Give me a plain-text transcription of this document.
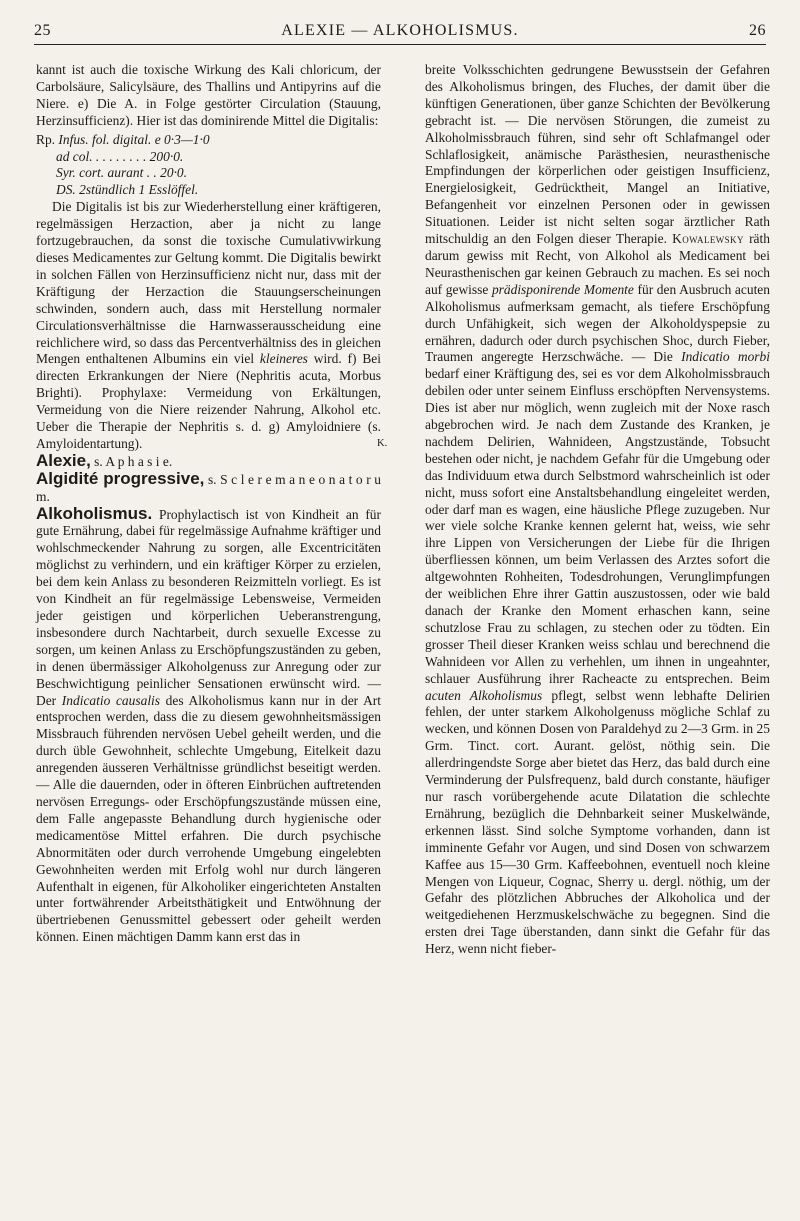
25	ALEXIE — ALKOHOLISMUS.	26

kannt ist auch die toxische Wirkung des Kali chloricum, der Carbolsäure, Salicylsäure, des Thallins und Antipyrins auf die Niere. e) Die A. in Folge gestörter Circulation (Stauung, Herzinsufficienz). Hier ist das dominirende Mittel die Digitalis:

Rp. Infus. fol. digital. e 0·3—1·0
ad col. . . . . . . . . 200·0.
Syr. cort. aurant . . 20·0.
DS. 2stündlich 1 Esslöffel.

Die Digitalis ist bis zur Wiederherstellung einer kräftigeren, regelmässigen Herzaction, aber ja nicht zu lange fortzugebrauchen, da sonst die toxische Cumulativwirkung dieses Medicamentes zur Geltung kommt. Die Digitalis bewirkt in solchen Fällen von Herzinsufficienz nicht nur, dass mit der Kräftigung der Herzaction die Stauungserscheinungen schwinden, sondern auch, dass mit Herstellung normaler Circulationsverhältnisse die Harnwasserausscheidung eine reichlichere wird, so dass das Percentverhältniss des in gleichen Mengen enthaltenen Albumins ein viel kleineres wird. f) Bei directen Erkrankungen der Niere (Nephritis acuta, Morbus Brighti). Prophylaxe: Vermeidung von Erkältungen, Vermeidung von die Niere reizender Nahrung, Alkohol etc. Ueber die Therapie der Nephritis s. d. g) Amyloidniere (s. Amyloidentartung).	K.

Alexie, s. A p h a s i e.

Algidité progressive, s. S c l e r e m a n e o n a t o r u m.

Alkoholismus. Prophylactisch ist von Kindheit an für gute Ernährung, dabei für regelmässige Aufnahme kräftiger und wohlschmeckender Nahrung zu sorgen, alle Excentricitäten möglichst zu verhindern, und ein kräftiger Körper zu erzielen, bei dem kein Anlass zu besonderen Reizmitteln vorliegt. Es ist von Kindheit an für regelmässige Lebensweise, Vermeiden jeder geistigen und körperlichen Ueberanstrengung, insbesondere durch Nachtarbeit, durch sexuelle Excesse zu sorgen, um keinen Anlass zu Erschöpfungszuständen zu geben, in denen übermässiger Alkoholgenuss zur Anregung oder zur Beschwichtigung peinlicher Sensationen erwünscht wird. — Der Indicatio causalis des Alkoholismus kann nur in der Art entsprochen werden, dass die zu diesem gewohnheitsmässigen Missbrauch führenden nervösen Uebel geheilt werden, und die durch üble Gewohnheit, schlechte Umgebung, Eitelkeit dazu anregenden äusseren Verhältnisse gründlichst beseitigt werden. — Alle die dauernden, oder in öfteren Einbrüchen auftretenden nervösen Erregungs- oder Erschöpfungszustände müssen eine, dem Falle angepasste Behandlung durch hygienische oder medicamentöse Mittel erfahren. Die durch psychische Abnormitäten oder durch verrohende Umgebung eingelebten Gewohnheiten werden mit Erfolg wohl nur durch längeren Aufenthalt in eigenen, für Alkoholiker eingerichteten Anstalten unter fortwährender Arbeitsthätigkeit und Entwöhnung der übertriebenen Genussmittel gebessert oder geheilt werden können. Einen mächtigen Damm kann erst das in

breite Volksschichten gedrungene Bewusstsein der Gefahren des Alkoholismus bringen, des Fluches, der damit über die künftigen Generationen, über ganze Schichten der Bevölkerung gebracht ist. — Die nervösen Störungen, die zumeist zu Alkoholmissbrauch führen, sind sehr oft Schlafmangel oder Schlaflosigkeit, anämische Parästhesien, neurasthenische Empfindungen der körperlichen oder geistigen Insufficienz, Energielosigkeit, Gedrücktheit, Mangel an Initiative, Befangenheit vor einzelnen Personen oder in gewissen Situationen. Leider ist nicht selten sogar ärztlicher Rath mitschuldig an den Folgen dieser Therapie. Kowalewsky räth darum gewiss mit Recht, von Alkohol als Medicament bei Neurasthenischen gar keinen Gebrauch zu machen. Es sei noch auf gewisse prädisponirende Momente für den Ausbruch acuten Alkoholismus aufmerksam gemacht, als tiefere Erschöpfung durch Unfähigkeit, sich wegen der Alkoholdyspepsie zu ernähren, dadurch oder durch psychischen Shoc, durch Fieber, Traumen angeregte Herzschwäche. — Die Indicatio morbi bedarf einer Kräftigung des, sei es vor dem Alkoholmissbrauch debilen oder unter seinem Einfluss erschöpften Nervensystems. Dies ist aber nur möglich, wenn zugleich mit der Noxe rasch abgebrochen wird. Je nach dem Zustande des Kranken, je nachdem Delirien, Wahnideen, Angstzustände, Tobsucht bestehen oder nicht, je nachdem Gefahr für die Umgebung oder das Individuum etwa durch Selbstmord wahrscheinlich ist oder nicht, muss sofort eine Anstaltsbehandlung eingeleitet werden, oder darf man es wagen, eine häusliche Pflege zuzugeben. Nur wer viele solche Kranke kennen gelernt hat, weiss, wie sehr ihre Lippen von Versicherungen der Liebe für die Ihrigen überfliessen können, um beim Verlassen des Arztes sofort die altgewohnten Rohheiten, Todesdrohungen, Verunglimpfungen der weiblichen Ehre ihrer Gattin auszustossen, oder wie bald danach der Kranke den Moment erhaschen kann, seine schutzlose Frau zu schlagen, zu stechen oder zu tödten. Ein grosser Theil dieser Kranken weiss schlau und berechnend die Wahnideen vor Allen zu verhehlen, um ihnen in ungeahnter, schlauer Ausführung ihrer Racheacte zu entsprechen. Beim acuten Alkoholismus pflegt, selbst wenn lebhafte Delirien fehlen, der unter starkem Alkoholgenuss mögliche Schlaf zu wecken, und können Dosen von Paraldehyd zu 2—3 Grm. in 25 Grm. Tinct. cort. Aurant. gelöst, nöthig sein. Die allerdringendste Sorge aber bietet das Herz, das bald durch eine Verminderung der Pulsfrequenz, bald durch constante, häufiger nur rasch vorübergehende acute Dilatation die schlechte Ernährung, bezüglich die Dehnbarkeit seiner Muskelwände, erkennen lässt. Sind solche Symptome vorhanden, dann ist imminente Gefahr vor Augen, und sind Dosen von schwarzem Kaffee aus 15—30 Grm. Kaffeebohnen, eventuell noch kleine Mengen von Liqueur, Cognac, Sherry u. dergl. nöthig, um der Gefahr des plötzlichen Abbruches der Alkoholica und der weitgediehenen Herzmuskelschwäche zu begegnen. Sind die ersten drei Tage überstanden, dann sinkt die Gefahr für das Herz, wenn nicht fieber-
